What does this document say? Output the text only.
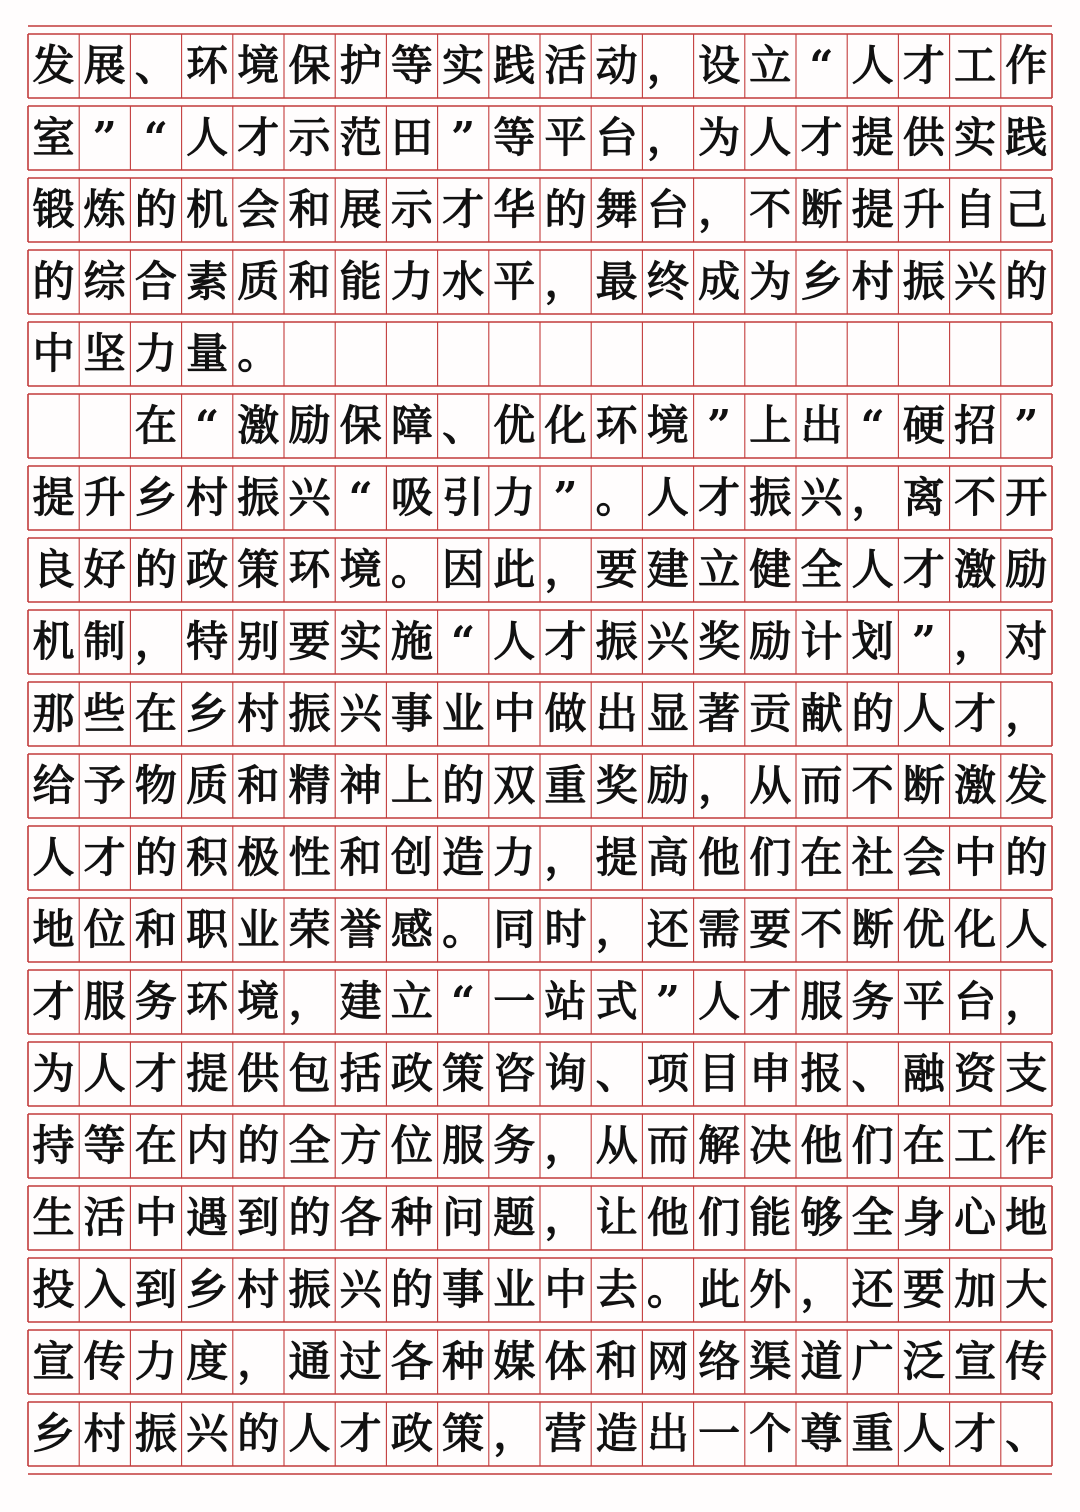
发 展 、 环 境 保 护 等 实 践 活 动 ， 设 立 “ 人 才 工 作
室 ” “ 人 才 示 范 田 ” 等 平 台 ， 为 人 才 提 供 实 践
锻 炼 的 机 会 和 展 示 才 华 的 舞 台 ， 不 断 提 升 自 己
的 综 合 素 质 和 能 力 水 平 ， 最 终 成 为 乡 村 振 兴 的
中 坚 力 量 。
在 “ 激 励 保 障 、 优 化 环 境 ” 上 出 “ 硬 招 ”
提 升 乡 村 振 兴 “ 吸 引 力 ” 。 人 才 振 兴 ， 离 不 开
良 好 的 政 策 环 境 。 因 此 ， 要 建 立 健 全 人 才 激 励
机 制 ， 特 别 要 实 施 “ 人 才 振 兴 奖 励 计 划 ” ， 对
那 些 在 乡 村 振 兴 事 业 中 做 出 显 著 贡 献 的 人 才 ，
给 予 物 质 和 精 神 上 的 双 重 奖 励 ， 从 而 不 断 激 发
人 才 的 积 极 性 和 创 造 力 ， 提 高 他 们 在 社 会 中 的
地 位 和 职 业 荣 誉 感 。 同 时 ， 还 需 要 不 断 优 化 人
才 服 务 环 境 ， 建 立 “ 一 站 式 ” 人 才 服 务 平 台 ，
为 人 才 提 供 包 括 政 策 咨 询 、 项 目 申 报 、 融 资 支
持 等 在 内 的 全 方 位 服 务 ， 从 而 解 决 他 们 在 工 作
生 活 中 遇 到 的 各 种 问 题 ， 让 他 们 能 够 全 身 心 地
投 入 到 乡 村 振 兴 的 事 业 中 去 。 此 外 ， 还 要 加 大
宣 传 力 度 ， 通 过 各 种 媒 体 和 网 络 渠 道 广 泛 宣 传
乡 村 振 兴 的 人 才 政 策 ， 营 造 出 一 个 尊 重 人 才 、
